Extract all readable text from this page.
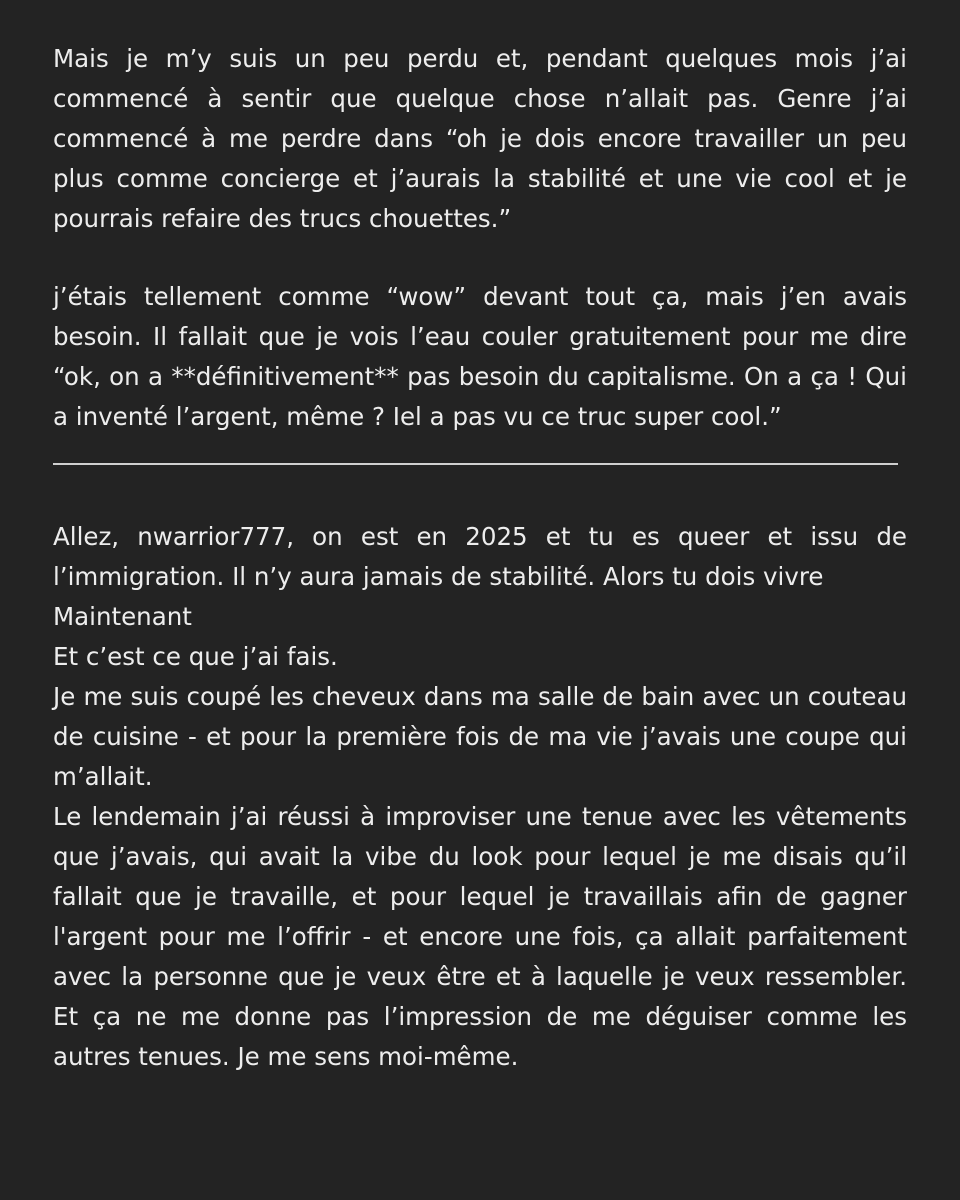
Mais je m’y suis un peu perdu et, pendant quelques mois j’ai commencé à sentir que quelque chose n’allait pas. Genre j’ai commencé à me perdre dans “oh je dois encore travailler un peu plus comme concierge et j’aurais la stabilité et une vie cool et je pourrais refaire des trucs chouettes.”

j’étais tellement comme “wow” devant tout ça, mais j’en avais besoin. Il fallait que je vois l’eau couler gratuitement pour me dire “ok, on a **définitivement** pas besoin du capitalisme. On a ça ! Qui a inventé l’argent, même ? Iel a pas vu ce truc super cool.”

Allez, nwarrior777, on est en 2025 et tu es queer et issu de l’immigration. Il n’y aura jamais de stabilité. Alors tu dois vivre

Maintenant

Et c’est ce que j’ai fais.

Je me suis coupé les cheveux dans ma salle de bain avec un couteau de cuisine - et pour la première fois de ma vie j’avais une coupe qui m’allait.

Le lendemain j’ai réussi à improviser une tenue avec les vêtements que j’avais, qui avait la vibe du look pour lequel je me disais qu’il fallait que je travaille, et pour lequel je travaillais afin de gagner l'argent pour me l’offrir - et encore une fois, ça allait parfaitement avec la personne que je veux être et à laquelle je veux ressembler. Et ça ne me donne pas l’impression de me déguiser comme les autres tenues. Je me sens moi-même.
